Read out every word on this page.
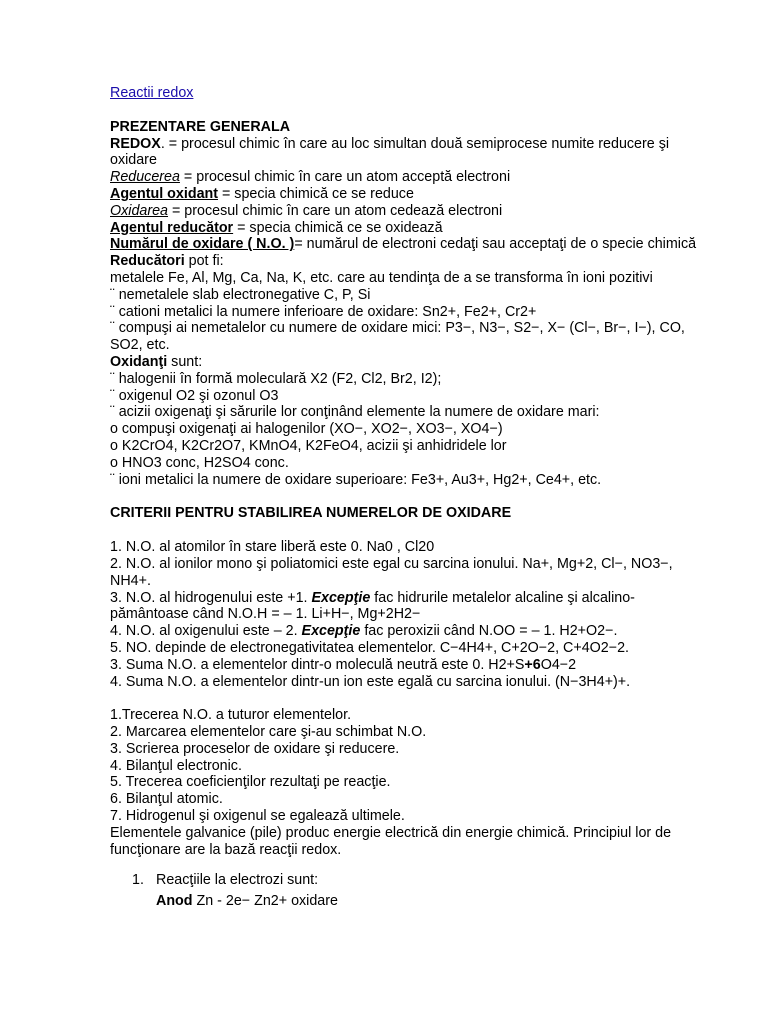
Reactii redox
PREZENTARE GENERALA
REDOX. = procesul chimic în care au loc simultan două semiprocese numite reducere şi oxidare
Reducerea = procesul chimic în care un atom acceptă electroni
Agentul oxidant = specia chimică ce se reduce
Oxidarea = procesul chimic în care un atom cedează electroni
Agentul reducător = specia chimică ce se oxidează
Numărul de oxidare ( N.O. )= numărul de electroni cedaţi sau acceptaţi de o specie chimică
Reducători pot fi:
metalele Fe, Al, Mg, Ca, Na, K, etc. care au tendinţa de a se transforma în ioni pozitivi
¨ nemetalele slab electronegative C, P, Si
¨ cationi metalici la numere inferioare de oxidare: Sn2+, Fe2+, Cr2+
¨ compuşi ai nemetalelor cu numere de oxidare mici: P3−, N3−, S2−, X− (Cl−, Br−, I−), CO, SO2, etc.
Oxidanţi sunt:
¨ halogenii în formă moleculară X2 (F2, Cl2, Br2, I2);
¨ oxigenul O2 şi ozonul O3
¨ acizii oxigenaţi şi sărurile lor conţinând elemente la numere de oxidare mari:
o compuşi oxigenaţi ai halogenilor (XO−, XO2−, XO3−, XO4−)
o K2CrO4, K2Cr2O7, KMnO4, K2FeO4, acizii şi anhidridele lor
o HNO3 conc, H2SO4 conc.
¨ ioni metalici la numere de oxidare superioare: Fe3+, Au3+, Hg2+, Ce4+, etc.
CRITERII PENTRU STABILIREA NUMERELOR DE OXIDARE
1. N.O. al atomilor în stare liberă este 0. Na0 , Cl20
2. N.O. al ionilor mono şi poliatomici este egal cu sarcina ionului. Na+, Mg+2, Cl−, NO3−, NH4+.
3. N.O. al hidrogenului este +1. Excepţie fac hidrurile metalelor alcaline şi alcalino-pământoase când N.O.H = – 1. Li+H−, Mg+2H2−
4. N.O. al oxigenului este – 2. Excepţie fac peroxizii când N.OO = – 1. H2+O2−.
5. NO. depinde de electronegativitatea elementelor. C−4H4+, C+2O−2, C+4O2−2.
3. Suma N.O. a elementelor dintr-o moleculă neutră este 0. H2+S+6O4−2
4. Suma N.O. a elementelor dintr-un ion este egală cu sarcina ionului. (N−3H4+)+.
1.Trecerea N.O. a tuturor elementelor.
2. Marcarea elementelor care şi-au schimbat N.O.
3. Scrierea proceselor de oxidare şi reducere.
4. Bilanţul electronic.
5. Trecerea coeficienţilor rezultaţi pe reacţie.
6. Bilanţul atomic.
7. Hidrogenul şi oxigenul se egalează ultimele.
Elementele galvanice (pile) produc energie electrică din energie chimică. Principiul lor de funcţionare are la bază reacţii redox.
1. Reacţiile la electrozi sunt:
Anod Zn - 2e− Zn2+ oxidare
